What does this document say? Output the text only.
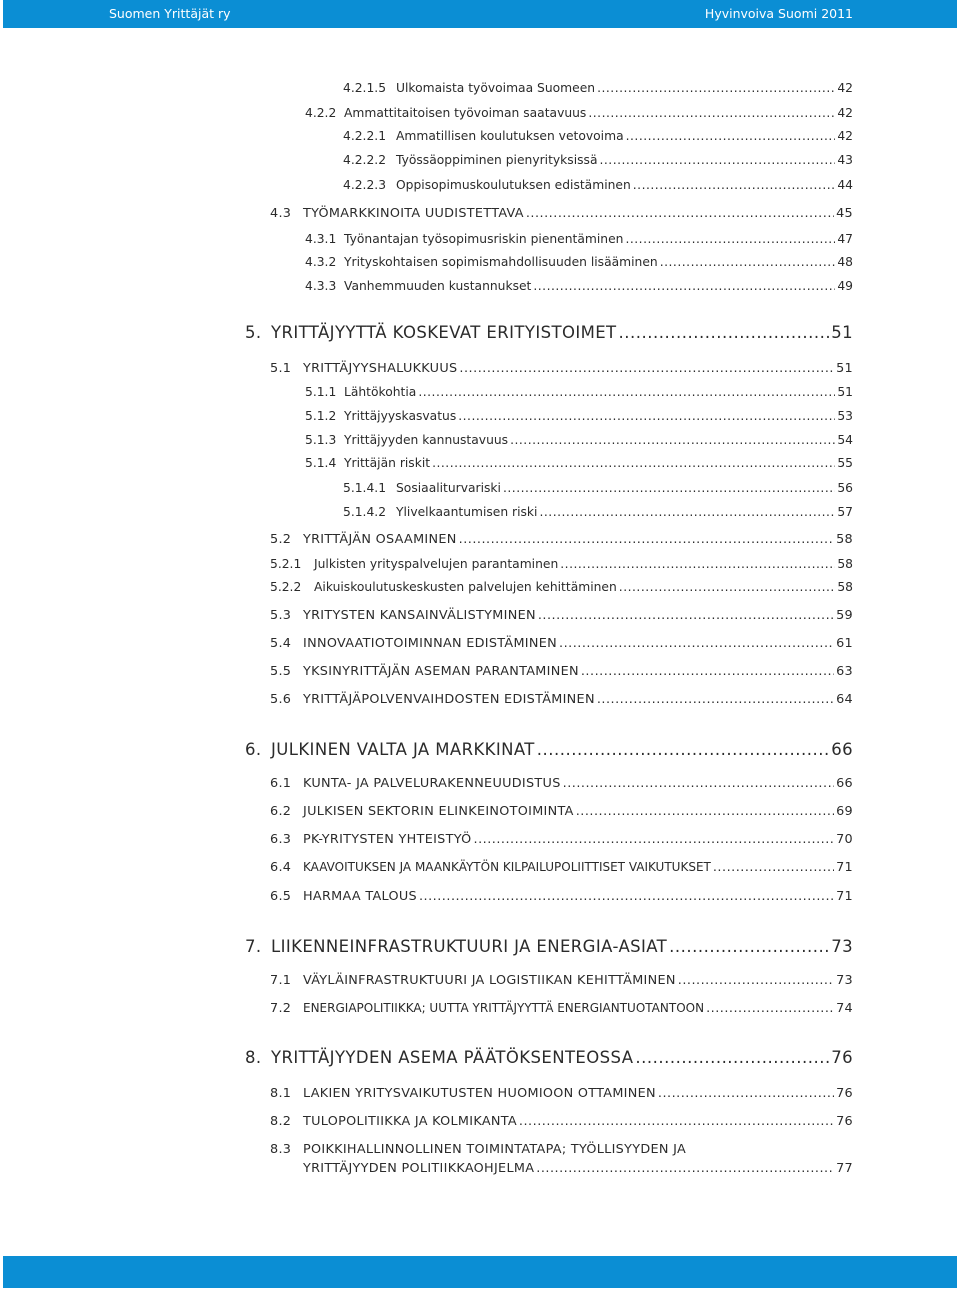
Suomen Yrittäjät ry	Hyvinvoiva Suomi 2011
4.2.1.5 Ulkomaista työvoimaa Suomeen .....	42
4.2.2 Ammattitaitoisen työvoiman saatavuus .....	42
4.2.2.1 Ammatillisen koulutuksen vetovoima .....	42
4.2.2.2 Työssäoppiminen pienyrityksissä .....	43
4.2.2.3 Oppisopimuskoulutuksen edistäminen .....	44
4.3 TYÖMARKKINOITA UUDISTETTAVA .....	45
4.3.1 Työnantajan työsopimusriskin pienentäminen .....	47
4.3.2 Yrityskohtaisen sopimismahdollisuuden lisääminen .....	48
4.3.3 Vanhemmuuden kustannukset .....	49
5. YRITTÄJYYTTÄ KOSKEVAT ERITYISTOIMET .....	51
5.1 YRITTÄJYYSHALUKKUUS .....	51
5.1.1 Lähtökohtia .....	51
5.1.2 Yrittäjyyskasvatus .....	53
5.1.3 Yrittäjyyden kannustavuus .....	54
5.1.4 Yrittäjän riskit .....	55
5.1.4.1 Sosiaaliturvariski .....	56
5.1.4.2 Ylivelkaantumisen riski .....	57
5.2 YRITTÄJÄN OSAAMINEN .....	58
5.2.1	Julkisten yrityspalvelujen parantaminen .....	58
5.2.2	Aikuiskoulutuskeskusten palvelujen kehittäminen .....	58
5.3 YRITYSTEN KANSAINVÄLISTYMINEN .....	59
5.4 INNOVAATIOTOIMINNAN EDISTÄMINEN .....	61
5.5 YKSINYRITTÄJÄN ASEMAN PARANTAMINEN .....	63
5.6 YRITTÄJÄPOLVENVAIHDOSTEN EDISTÄMINEN .....	64
6. JULKINEN VALTA JA MARKKINAT .....	66
6.1 KUNTA- JA PALVELURAKENNEUUDISTUS .....	66
6.2 JULKISEN SEKTORIN ELINKEINOTOIMINTA .....	69
6.3 PK-YRITYSTEN YHTEISTYÖ .....	70
6.4 KAAVOITUKSEN JA MAANKÄYTÖN KILPAILUPOLIITTISET VAIKUTUKSET .....	71
6.5 HARMAA TALOUS .....	71
7. LIIKENNEINFRASTRUKTUURI JA ENERGIA-ASIAT .....	73
7.1 VÄYLÄINFRASTRUKTUURI JA LOGISTIIKAN KEHITTÄMINEN .....	73
7.2 ENERGIAPOLITIIKKA; UUTTA YRITTÄJYYTTÄ ENERGIANTUOTANTOON .....	74
8. YRITTÄJYYDEN ASEMA PÄÄTÖKSENTEOSSA .....	76
8.1 LAKIEN YRITYSVAIKUTUSTEN HUOMIOON OTTAMINEN .....	76
8.2 TULOPOLITIIKKA JA KOLMIKANTA .....	76
8.3 POIKKIHALLINNOLLINEN TOIMINTATAPA; TYÖLLISYYDEN JA
YRITTÄJYYDEN POLITIIKKAOHJELMA .....	77
